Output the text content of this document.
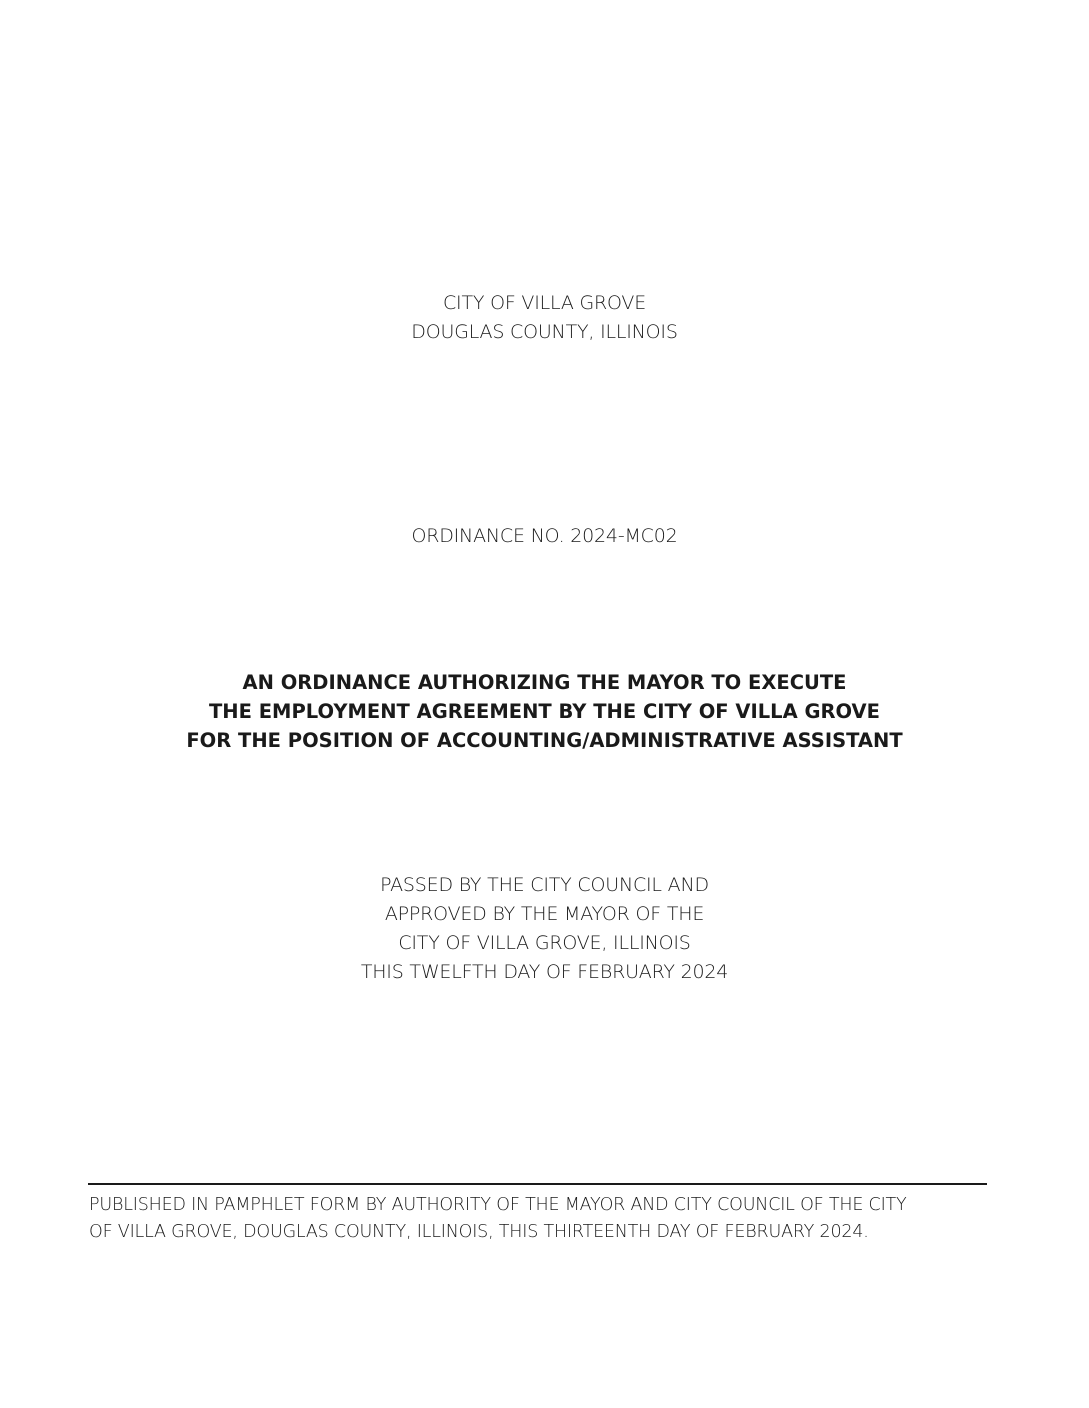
CITY OF VILLA GROVE
DOUGLAS COUNTY, ILLINOIS
ORDINANCE NO. 2024-MC02
AN ORDINANCE AUTHORIZING THE MAYOR TO EXECUTE
THE EMPLOYMENT AGREEMENT BY THE CITY OF VILLA GROVE
FOR THE POSITION OF ACCOUNTING/ADMINISTRATIVE ASSISTANT
PASSED BY THE CITY COUNCIL AND
APPROVED BY THE MAYOR OF THE
CITY OF VILLA GROVE, ILLINOIS
THIS TWELFTH DAY OF FEBRUARY 2024
PUBLISHED IN PAMPHLET FORM BY AUTHORITY OF THE MAYOR AND CITY COUNCIL OF THE CITY
OF VILLA GROVE, DOUGLAS COUNTY, ILLINOIS, THIS THIRTEENTH DAY OF FEBRUARY 2024.
